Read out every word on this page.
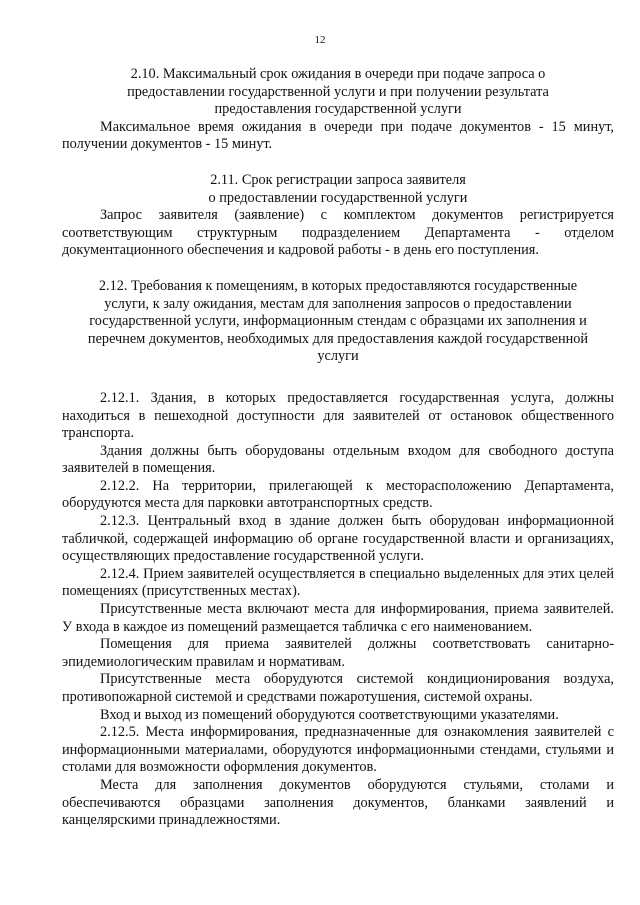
12
2.10. Максимальный срок ожидания в очереди при подаче запроса о
предоставлении государственной услуги и при получении результата
предоставления государственной услуги
Максимальное время ожидания в очереди при подаче документов - 15 минут, получении документов - 15 минут.
2.11. Срок регистрации запроса заявителя
о предоставлении государственной услуги
Запрос заявителя (заявление) с комплектом документов регистрируется соответствующим структурным подразделением Департамента - отделом документационного обеспечения и кадровой работы - в день его поступления.
2.12. Требования к помещениям, в которых предоставляются государственные
услуги, к залу ожидания, местам для заполнения запросов о предоставлении
государственной услуги, информационным стендам с образцами их заполнения и
перечнем документов, необходимых для предоставления каждой государственной
услуги
2.12.1. Здания, в которых предоставляется государственная услуга, должны находиться в пешеходной доступности для заявителей от остановок общественного транспорта.
Здания должны быть оборудованы отдельным входом для свободного доступа заявителей в помещения.
2.12.2. На территории, прилегающей к месторасположению Департамента, оборудуются места для парковки автотранспортных средств.
2.12.3. Центральный вход в здание должен быть оборудован информационной табличкой, содержащей информацию об органе государственной власти и организациях, осуществляющих предоставление государственной услуги.
2.12.4. Прием заявителей осуществляется в специально выделенных для этих целей помещениях (присутственных местах).
Присутственные места включают места для информирования, приема заявителей. У входа в каждое из помещений размещается табличка с его наименованием.
Помещения для приема заявителей должны соответствовать санитарно-эпидемиологическим правилам и нормативам.
Присутственные места оборудуются системой кондиционирования воздуха, противопожарной системой и средствами пожаротушения, системой охраны.
Вход и выход из помещений оборудуются соответствующими указателями.
2.12.5. Места информирования, предназначенные для ознакомления заявителей с информационными материалами, оборудуются информационными стендами, стульями и столами для возможности оформления документов.
Места для заполнения документов оборудуются стульями, столами и обеспечиваются образцами заполнения документов, бланками заявлений и канцелярскими принадлежностями.
